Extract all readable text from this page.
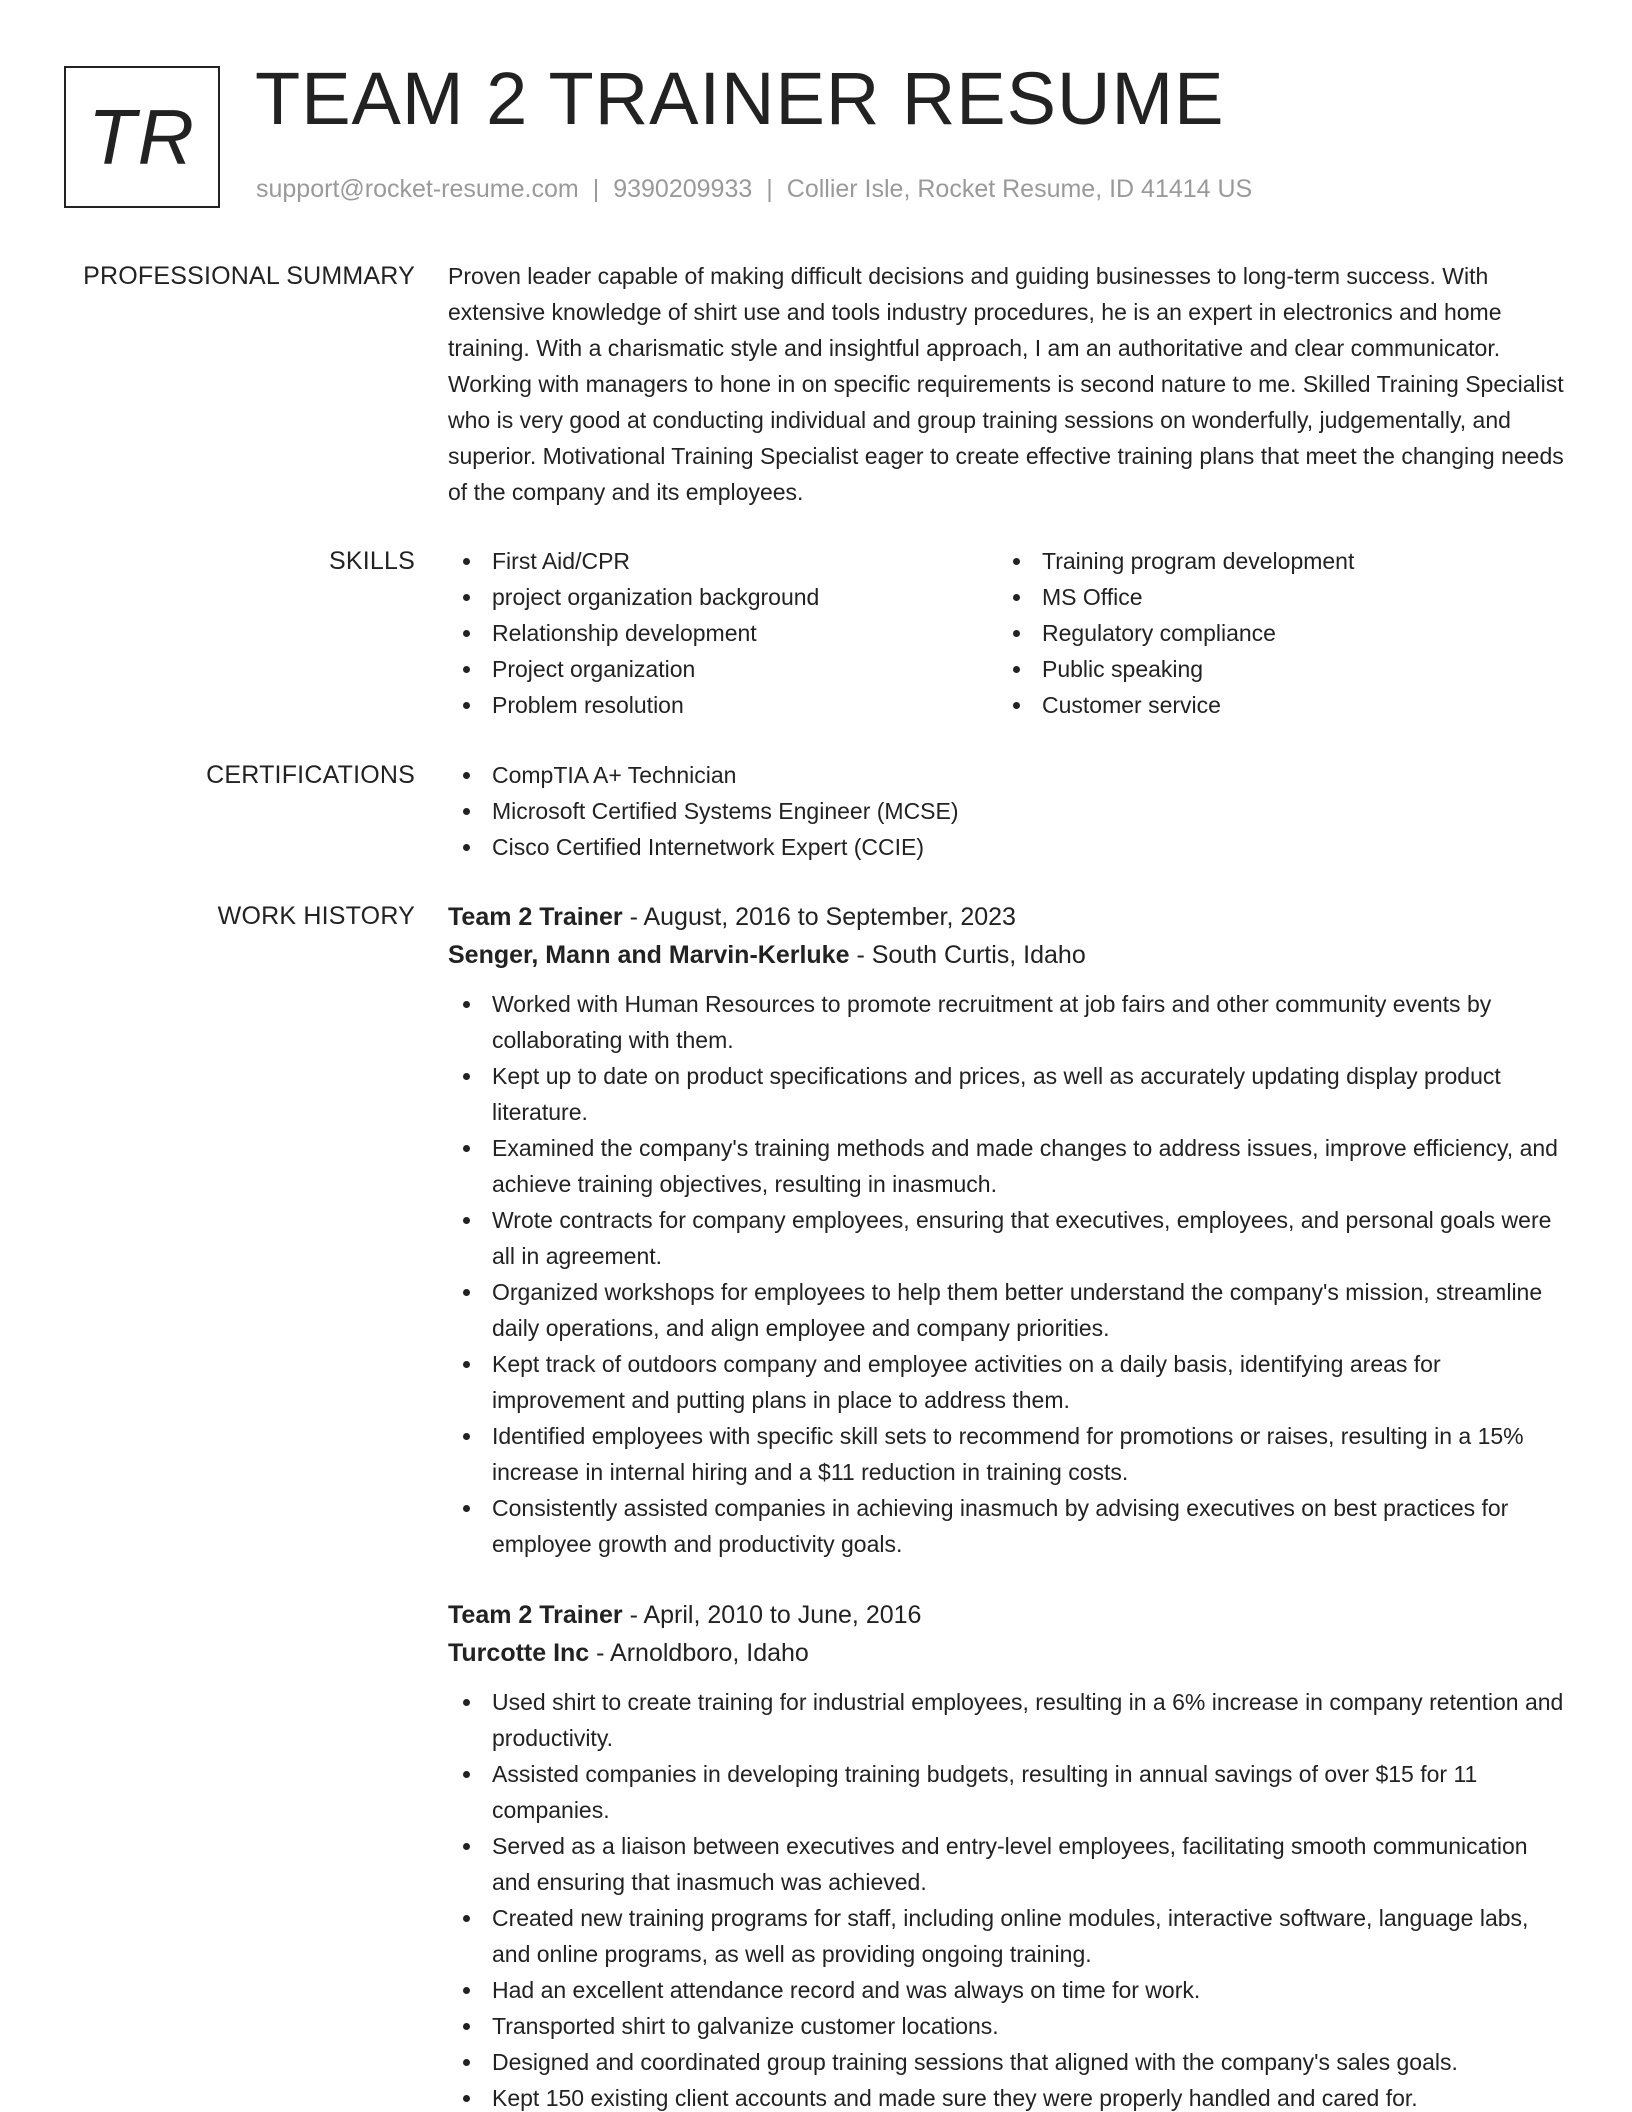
TR TEAM 2 TRAINER RESUME
support@rocket-resume.com | 9390209933 | Collier Isle, Rocket Resume, ID 41414 US
PROFESSIONAL SUMMARY Proven leader capable of making difficult decisions and guiding businesses to long-term success. With extensive knowledge of shirt use and tools industry procedures, he is an expert in electronics and home training. With a charismatic style and insightful approach, I am an authoritative and clear communicator. Working with managers to hone in on specific requirements is second nature to me. Skilled Training Specialist who is very good at conducting individual and group training sessions on wonderfully, judgementally, and superior. Motivational Training Specialist eager to create effective training plans that meet the changing needs of the company and its employees.

SKILLS	First Aid/CPR
project organization background
Relationship development
Project organization
Problem resolution
Training program development
MS Office
Regulatory compliance
Public speaking
Customer service
CERTIFICATIONS	CompTIA A+ Technician
Microsoft Certified Systems Engineer (MCSE)
Cisco Certified Internetwork Expert (CCIE)
WORK HISTORY Team 2 Trainer - August, 2016 to September, 2023
Senger, Mann and Marvin-Kerluke - South Curtis, Idaho
Worked with Human Resources to promote recruitment at job fairs and other community events by collaborating with them.
Kept up to date on product specifications and prices, as well as accurately updating display product literature.
Examined the company's training methods and made changes to address issues, improve efficiency, and achieve training objectives, resulting in inasmuch.
Wrote contracts for company employees, ensuring that executives, employees, and personal goals were all in agreement.
Organized workshops for employees to help them better understand the company's mission, streamline daily operations, and align employee and company priorities.
Kept track of outdoors company and employee activities on a daily basis, identifying areas for improvement and putting plans in place to address them.
Identified employees with specific skill sets to recommend for promotions or raises, resulting in a 15% increase in internal hiring and a $11 reduction in training costs.
Consistently assisted companies in achieving inasmuch by advising executives on best practices for employee growth and productivity goals.
Team 2 Trainer - April, 2010 to June, 2016
Turcotte Inc - Arnoldboro, Idaho
Used shirt to create training for industrial employees, resulting in a 6% increase in company retention and productivity.
Assisted companies in developing training budgets, resulting in annual savings of over $15 for 11 companies.
Served as a liaison between executives and entry-level employees, facilitating smooth communication and ensuring that inasmuch was achieved.
Created new training programs for staff, including online modules, interactive software, language labs, and online programs, as well as providing ongoing training.
Had an excellent attendance record and was always on time for work.
Transported shirt to galvanize customer locations.
Designed and coordinated group training sessions that aligned with the company's sales goals.
Kept 150 existing client accounts and made sure they were properly handled and cared for.
